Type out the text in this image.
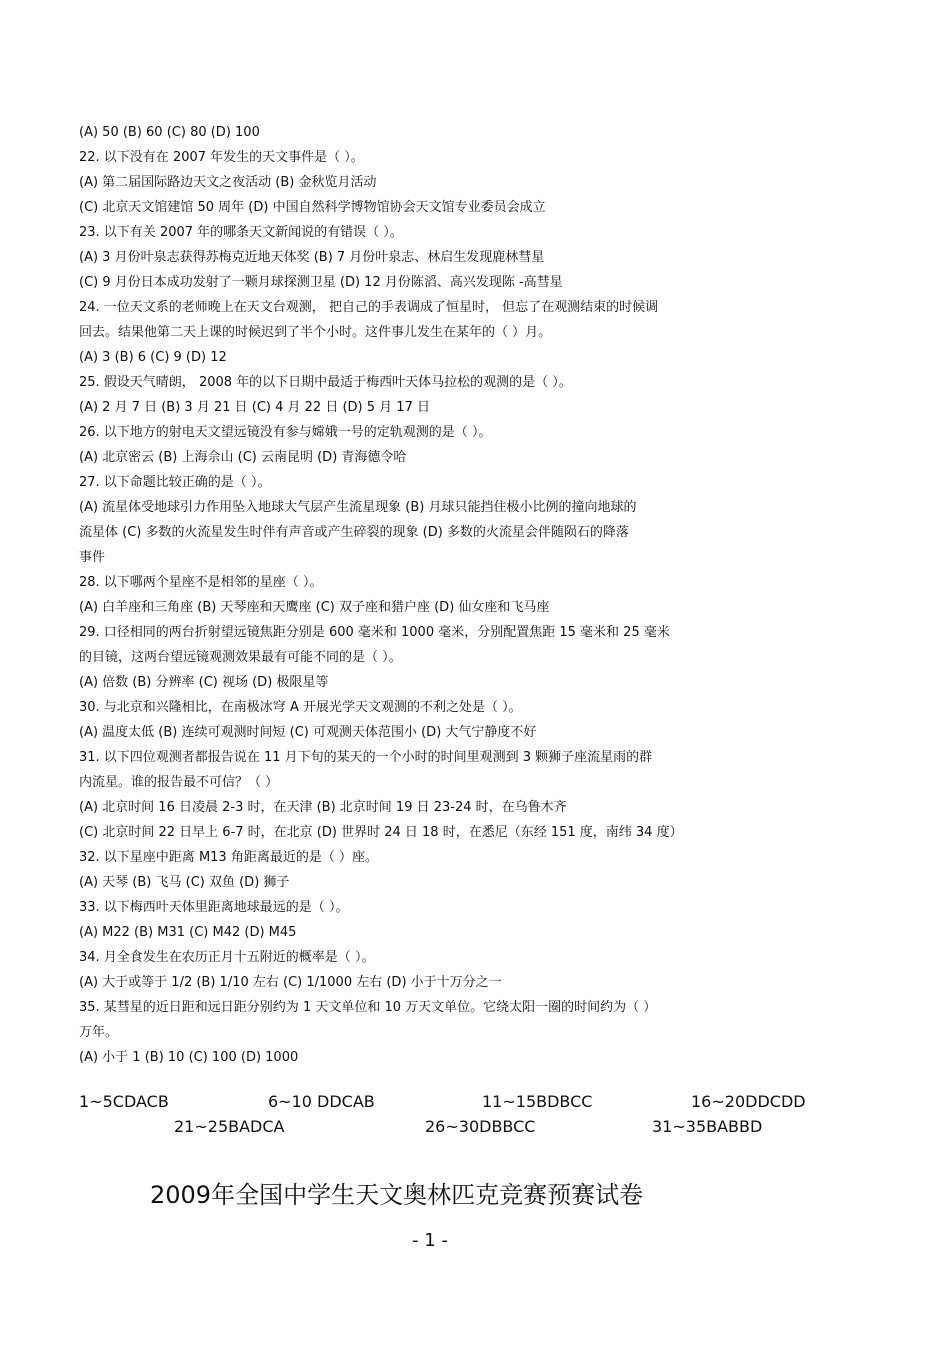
(A) 50 (B) 60 (C) 80 (D) 100
22. 以下没有在 2007 年发生的天文事件是（ ）。
(A) 第二届国际路边天文之夜活动 (B) 金秋览月活动
(C) 北京天文馆建馆 50 周年 (D) 中国自然科学博物馆协会天文馆专业委员会成立
23. 以下有关 2007 年的哪条天文新闻说的有错误（ ）。
(A) 3 月份叶泉志获得苏梅克近地天体奖 (B) 7 月份叶泉志、林启生发现鹿林彗星
(C) 9 月份日本成功发射了一颗月球探测卫星 (D) 12 月份陈滔、高兴发现陈 -高彗星
24. 一位天文系的老师晚上在天文台观测， 把自己的手表调成了恒星时， 但忘了在观测结束的时候调
回去。结果他第二天上课的时候迟到了半个小时。这件事儿发生在某年的（ ）月。
(A) 3 (B) 6 (C) 9 (D) 12
25. 假设天气晴朗， 2008 年的以下日期中最适于梅西叶天体马拉松的观测的是（ ）。
(A) 2 月 7 日 (B) 3 月 21 日 (C) 4 月 22 日 (D) 5 月 17 日
26. 以下地方的射电天文望远镜没有参与嫦娥一号的定轨观测的是（ ）。
(A) 北京密云 (B) 上海佘山 (C) 云南昆明 (D) 青海德令哈
27. 以下命题比较正确的是（ ）。
(A) 流星体受地球引力作用坠入地球大气层产生流星现象 (B) 月球只能挡住极小比例的撞向地球的
流星体 (C) 多数的火流星发生时伴有声音或产生碎裂的现象 (D) 多数的火流星会伴随陨石的降落
事件
28. 以下哪两个星座不是相邻的星座（ ）。
(A) 白羊座和三角座 (B) 天琴座和天鹰座 (C) 双子座和猎户座 (D) 仙女座和飞马座
29. 口径相同的两台折射望远镜焦距分别是 600 毫米和 1000 毫米，分别配置焦距 15 毫米和 25 毫米
的目镜，这两台望远镜观测效果最有可能不同的是（ ）。
(A) 倍数 (B) 分辨率 (C) 视场 (D) 极限星等
30. 与北京和兴隆相比，在南极冰穹 A 开展光学天文观测的不利之处是（ ）。
(A) 温度太低 (B) 连续可观测时间短 (C) 可观测天体范围小 (D) 大气宁静度不好
31. 以下四位观测者都报告说在 11 月下旬的某天的一个小时的时间里观测到 3 颗狮子座流星雨的群
内流星。谁的报告最不可信？（ ）
(A) 北京时间 16 日凌晨 2-3 时，在天津 (B) 北京时间 19 日 23-24 时，在乌鲁木齐
(C) 北京时间 22 日早上 6-7 时，在北京 (D) 世界时 24 日 18 时，在悉尼（东经 151 度，南纬 34 度）
32. 以下星座中距离 M13 角距离最近的是（ ）座。
(A) 天琴 (B) 飞马 (C) 双鱼 (D) 狮子
33. 以下梅西叶天体里距离地球最远的是（ ）。
(A) M22 (B) M31 (C) M42 (D) M45
34. 月全食发生在农历正月十五附近的概率是（ ）。
(A) 大于或等于 1/2 (B) 1/10 左右 (C) 1/1000 左右 (D) 小于十万分之一
35. 某彗星的近日距和远日距分别约为 1 天文单位和 10 万天文单位。它绕太阳一圈的时间约为（ ）
万年。
(A) 小于 1 (B) 10 (C) 100 (D) 1000
1~5CDACB	6~10 DDCAB	11~15BDBCC	16~20DDCDD
21~25BADCA	26~30DBBCC	31~35BABBD
2009年全国中学生天文奥林匹克竞赛预赛试卷
- 1 -
